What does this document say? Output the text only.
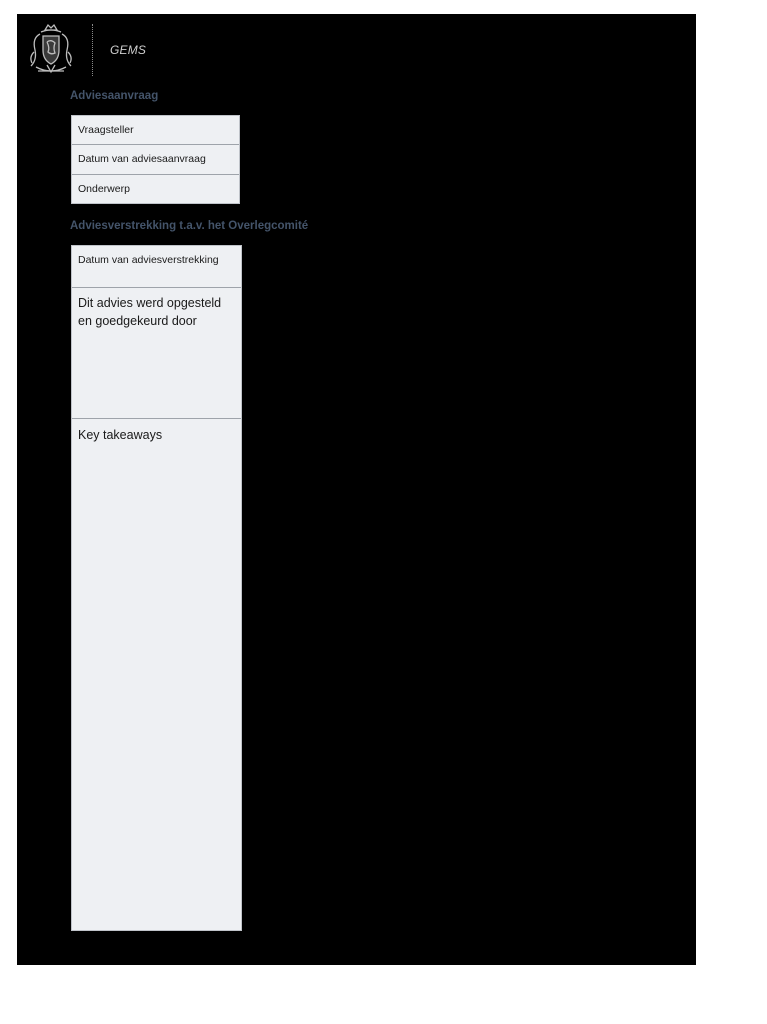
GEMS
Adviesaanvraag
Vraagsteller
Datum van adviesaanvraag
Onderwerp
Adviesverstrekking t.a.v. het Overlegcomité
Datum van adviesverstrekking
Dit advies werd opgesteld en goedgekeurd door
Key takeaways
